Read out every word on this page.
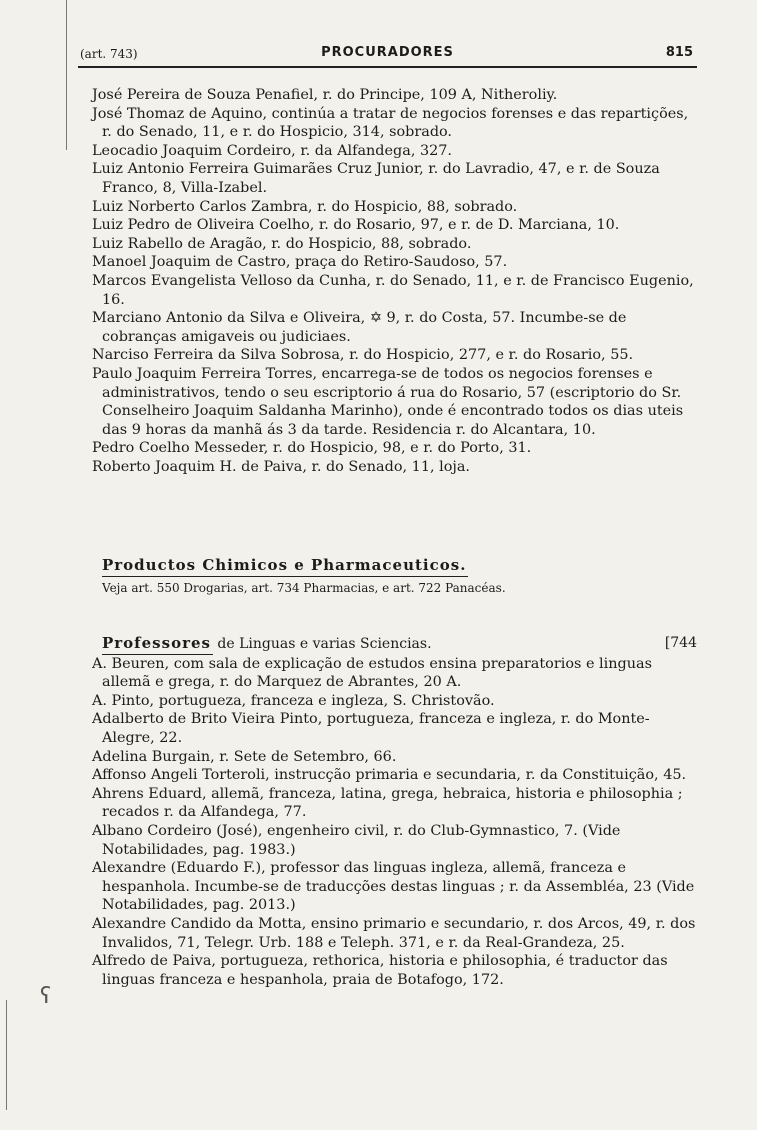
(art. 743)	PROCURADORES	815

José Pereira de Souza Penafiel, r. do Principe, 109 A, Nitheroliy.

José Thomaz de Aquino, continúa a tratar de negocios forenses e das repartições, r. do Senado, 11, e r. do Hospicio, 314, sobrado.

Leocadio Joaquim Cordeiro, r. da Alfandega, 327.

Luiz Antonio Ferreira Guimarães Cruz Junior, r. do Lavradio, 47, e r. de Souza Franco, 8, Villa-Izabel.

Luiz Norberto Carlos Zambra, r. do Hospicio, 88, sobrado.

Luiz Pedro de Oliveira Coelho, r. do Rosario, 97, e r. de D. Marciana, 10.

Luiz Rabello de Aragão, r. do Hospicio, 88, sobrado.

Manoel Joaquim de Castro, praça do Retiro-Saudoso, 57.

Marcos Evangelista Velloso da Cunha, r. do Senado, 11, e r. de Francisco Eugenio, 16.

Marciano Antonio da Silva e Oliveira, ✡ 9, r. do Costa, 57. Incumbe-se de cobranças amigaveis ou judiciaes.

Narciso Ferreira da Silva Sobrosa, r. do Hospicio, 277, e r. do Rosario, 55.

Paulo Joaquim Ferreira Torres, encarrega-se de todos os negocios forenses e administrativos, tendo o seu escriptorio á rua do Rosario, 57 (escriptorio do Sr. Conselheiro Joaquim Saldanha Marinho), onde é encontrado todos os dias uteis das 9 horas da manhã ás 3 da tarde. Residencia r. do Alcantara, 10.

Pedro Coelho Messeder, r. do Hospicio, 98, e r. do Porto, 31.

Roberto Joaquim H. de Paiva, r. do Senado, 11, loja.

Productos Chimicos e Pharmaceuticos.
Veja art. 550 Drogarias, art. 734 Pharmacias, e art. 722 Panacéas.
Professores de Linguas e varias Sciencias.	[744

A. Beuren, com sala de explicação de estudos ensina preparatorios e linguas allemã e grega, r. do Marquez de Abrantes, 20 A.

A. Pinto, portugueza, franceza e ingleza, S. Christovão.

Adalberto de Brito Vieira Pinto, portugueza, franceza e ingleza, r. do Monte-Alegre, 22.

Adelina Burgain, r. Sete de Setembro, 66.

Affonso Angeli Torteroli, instrucção primaria e secundaria, r. da Constituição, 45.

Ahrens Eduard, allemã, franceza, latina, grega, hebraica, historia e philosophia ; recados r. da Alfandega, 77.

Albano Cordeiro (José), engenheiro civil, r. do Club-Gymnastico, 7. (Vide Notabilidades, pag. 1983.)

Alexandre (Eduardo F.), professor das linguas ingleza, allemã, franceza e hespanhola. Incumbe-se de traducções destas linguas ; r. da Assembléa, 23 (Vide Notabilidades, pag. 2013.)

Alexandre Candido da Motta, ensino primario e secundario, r. dos Arcos, 49, r. dos Invalidos, 71, Telegr. Urb. 188 e Teleph. 371, e r. da Real-Grandeza, 25.

Alfredo de Paiva, portugueza, rethorica, historia e philosophia, é traductor das linguas franceza e hespanhola, praia de Botafogo, 172.

ʕ
